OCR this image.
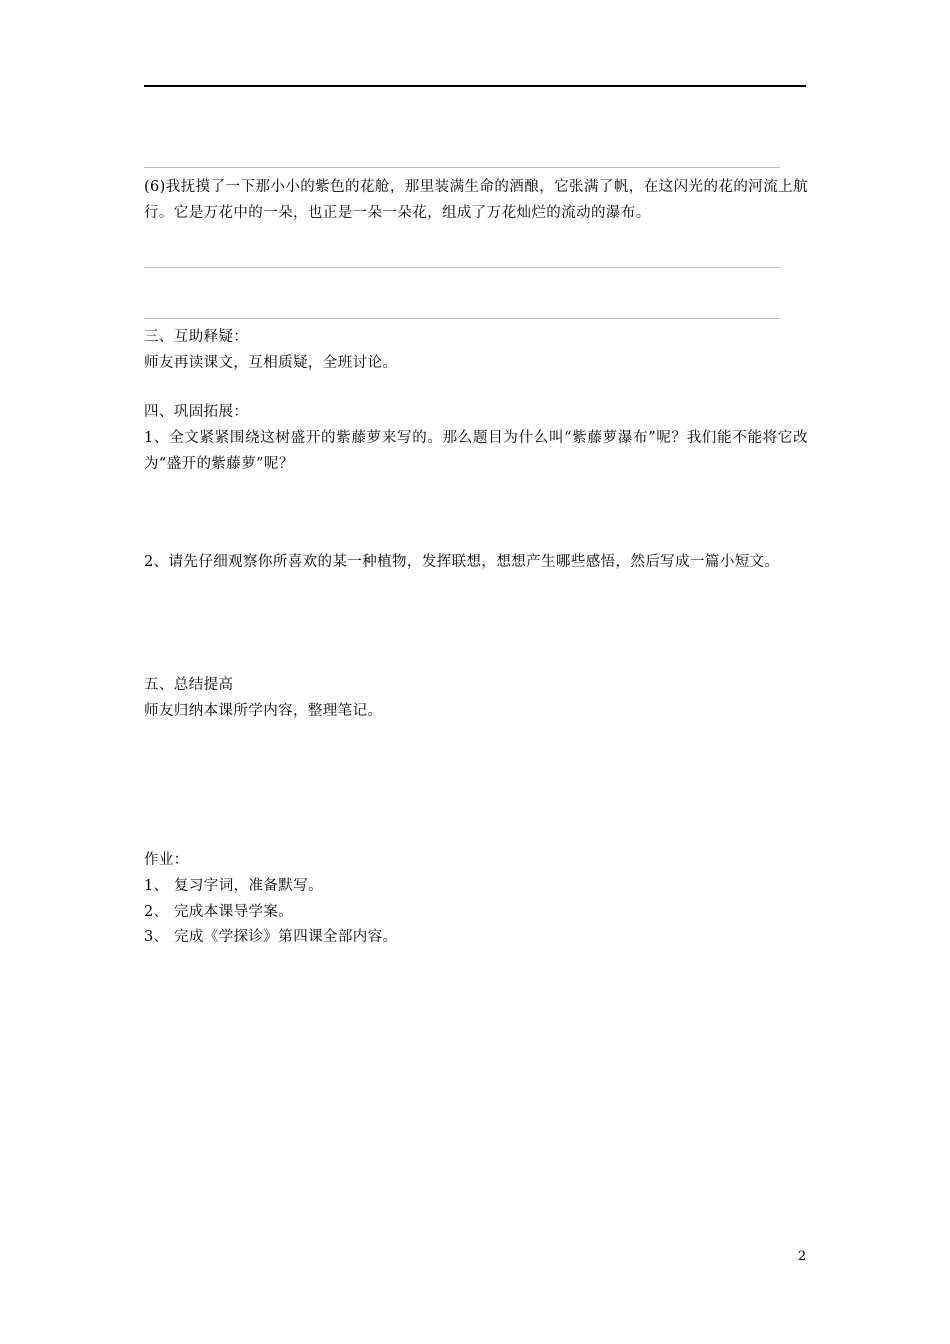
(6)我抚摸了一下那小小的紫色的花舱，那里装满生命的酒酿，它张满了帆，在这闪光的花的河流上航行。它是万花中的一朵，也正是一朵一朵花，组成了万花灿烂的流动的瀑布。
三、互助释疑：
师友再读课文，互相质疑，全班讨论。
四、巩固拓展：
1、全文紧紧围绕这树盛开的紫藤萝来写的。那么题目为什么叫“紫藤萝瀑布”呢？我们能不能将它改为“盛开的紫藤萝”呢？
2、请先仔细观察你所喜欢的某一种植物，发挥联想，想想产生哪些感悟，然后写成一篇小短文。
五、总结提高
师友归纳本课所学内容，整理笔记。
作业：
1、 复习字词，准备默写。
2、 完成本课导学案。
3、 完成《学探诊》第四课全部内容。
2
